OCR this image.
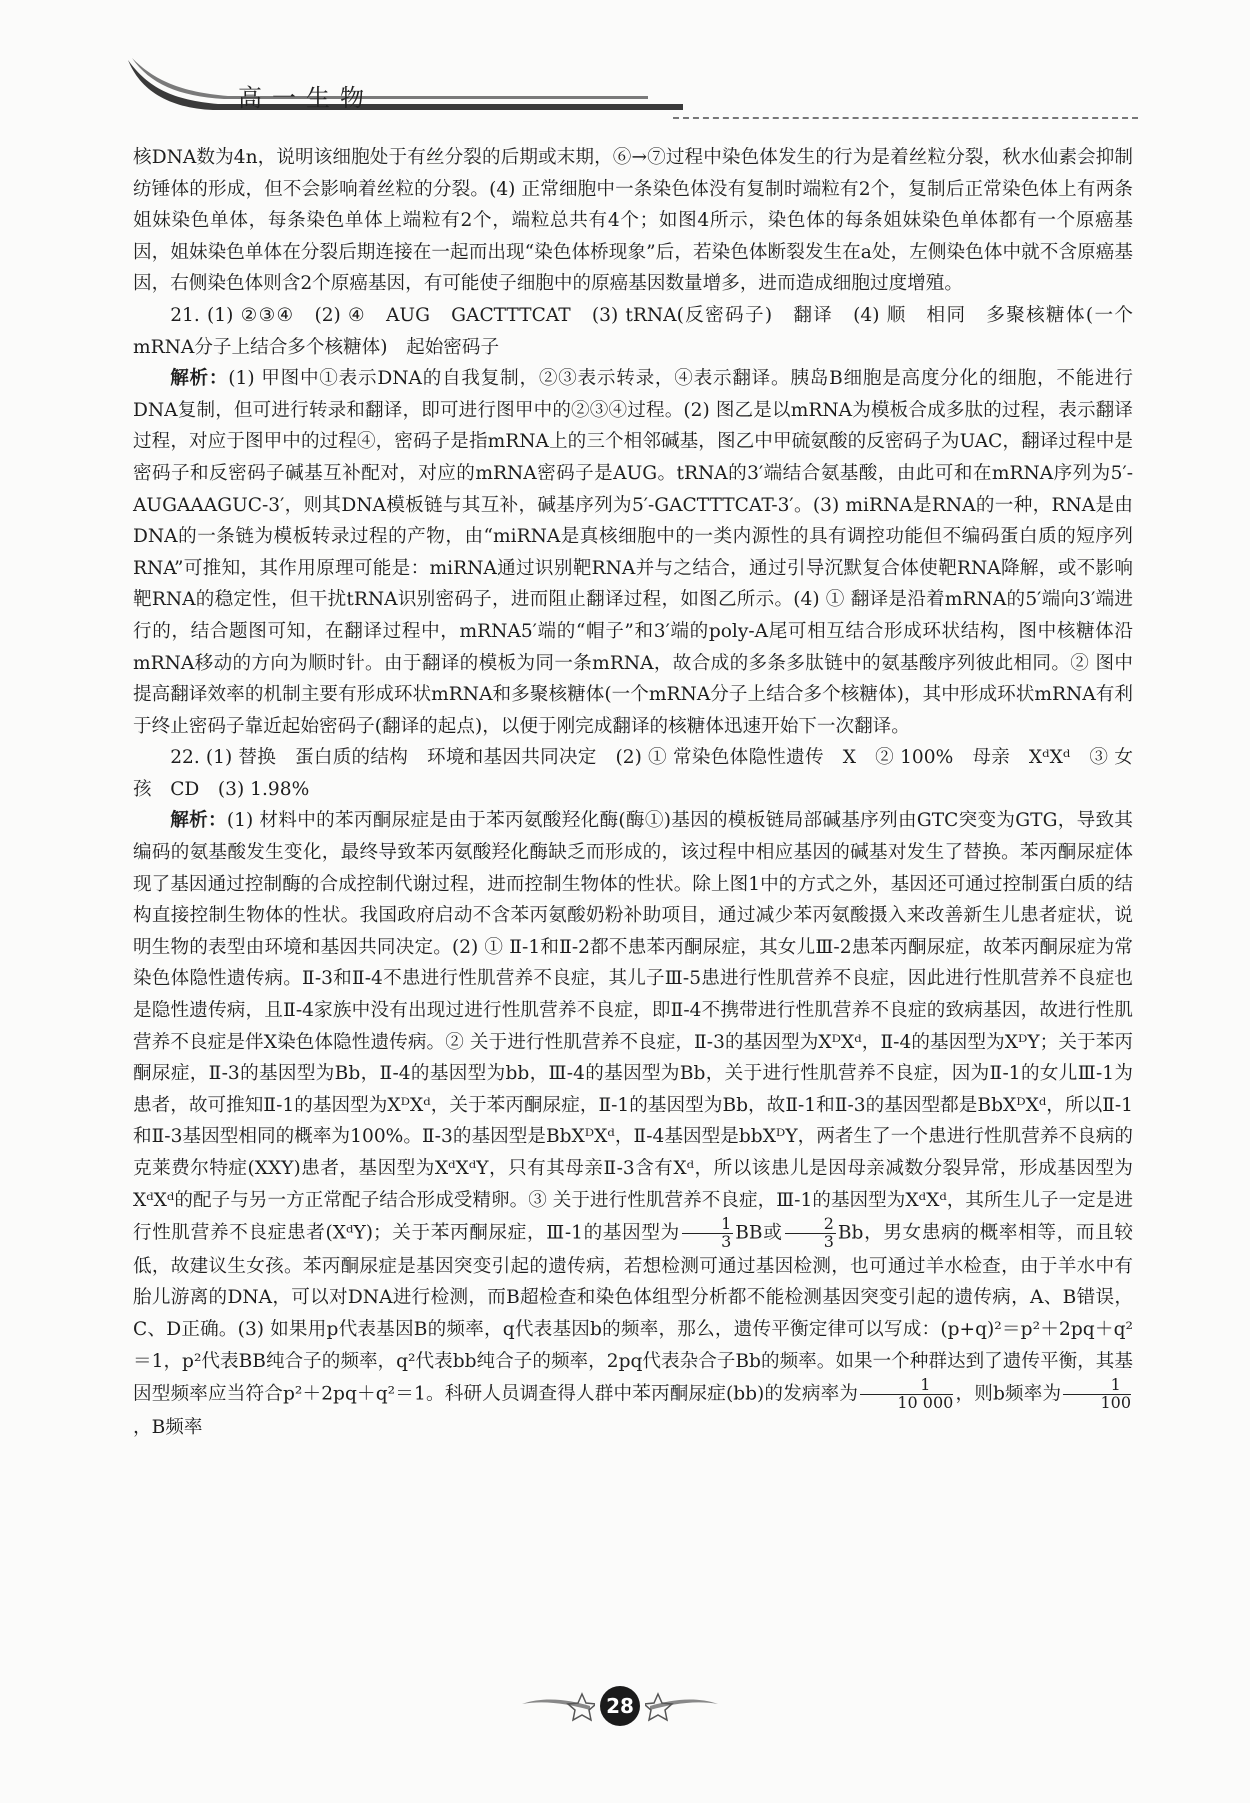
高一生物

核DNA数为4n，说明该细胞处于有丝分裂的后期或末期，⑥→⑦过程中染色体发生的行为是着丝粒分裂，秋水仙素会抑制纺锤体的形成，但不会影响着丝粒的分裂。(4) 正常细胞中一条染色体没有复制时端粒有2个，复制后正常染色体上有两条姐妹染色单体，每条染色单体上端粒有2个，端粒总共有4个；如图4所示，染色体的每条姐妹染色单体都有一个原癌基因，姐妹染色单体在分裂后期连接在一起而出现“染色体桥现象”后，若染色体断裂发生在a处，左侧染色体中就不含原癌基因，右侧染色体则含2个原癌基因，有可能使子细胞中的原癌基因数量增多，进而造成细胞过度增殖。

21. (1) ②③④　(2) ④　AUG　GACTTTCAT　(3) tRNA(反密码子)　翻译　(4) 顺　相同　多聚核糖体(一个mRNA分子上结合多个核糖体)　起始密码子

解析：(1) 甲图中①表示DNA的自我复制，②③表示转录，④表示翻译。胰岛B细胞是高度分化的细胞，不能进行DNA复制，但可进行转录和翻译，即可进行图甲中的②③④过程。(2) 图乙是以mRNA为模板合成多肽的过程，表示翻译过程，对应于图甲中的过程④，密码子是指mRNA上的三个相邻碱基，图乙中甲硫氨酸的反密码子为UAC，翻译过程中是密码子和反密码子碱基互补配对，对应的mRNA密码子是AUG。tRNA的3′端结合氨基酸，由此可和在mRNA序列为5′-AUGAAAGUC-3′，则其DNA模板链与其互补，碱基序列为5′-GACTTTCAT-3′。(3) miRNA是RNA的一种，RNA是由DNA的一条链为模板转录过程的产物，由“miRNA是真核细胞中的一类内源性的具有调控功能但不编码蛋白质的短序列RNA”可推知，其作用原理可能是：miRNA通过识别靶RNA并与之结合，通过引导沉默复合体使靶RNA降解，或不影响靶RNA的稳定性，但干扰tRNA识别密码子，进而阻止翻译过程，如图乙所示。(4) ① 翻译是沿着mRNA的5′端向3′端进行的，结合题图可知，在翻译过程中，mRNA5′端的“帽子”和3′端的poly-A尾可相互结合形成环状结构，图中核糖体沿mRNA移动的方向为顺时针。由于翻译的模板为同一条mRNA，故合成的多条多肽链中的氨基酸序列彼此相同。② 图中提高翻译效率的机制主要有形成环状mRNA和多聚核糖体(一个mRNA分子上结合多个核糖体)，其中形成环状mRNA有利于终止密码子靠近起始密码子(翻译的起点)，以便于刚完成翻译的核糖体迅速开始下一次翻译。

22. (1) 替换　蛋白质的结构　环境和基因共同决定　(2) ① 常染色体隐性遗传　X　② 100%　母亲　XᵈXᵈ　③ 女孩　CD　(3) 1.98%

解析：(1) 材料中的苯丙酮尿症是由于苯丙氨酸羟化酶(酶①)基因的模板链局部碱基序列由GTC突变为GTG，导致其编码的氨基酸发生变化，最终导致苯丙氨酸羟化酶缺乏而形成的，该过程中相应基因的碱基对发生了替换。苯丙酮尿症体现了基因通过控制酶的合成控制代谢过程，进而控制生物体的性状。除上图1中的方式之外，基因还可通过控制蛋白质的结构直接控制生物体的性状。我国政府启动不含苯丙氨酸奶粉补助项目，通过减少苯丙氨酸摄入来改善新生儿患者症状，说明生物的表型由环境和基因共同决定。(2) ① Ⅱ-1和Ⅱ-2都不患苯丙酮尿症，其女儿Ⅲ-2患苯丙酮尿症，故苯丙酮尿症为常染色体隐性遗传病。Ⅱ-3和Ⅱ-4不患进行性肌营养不良症，其儿子Ⅲ-5患进行性肌营养不良症，因此进行性肌营养不良症也是隐性遗传病，且Ⅱ-4家族中没有出现过进行性肌营养不良症，即Ⅱ-4不携带进行性肌营养不良症的致病基因，故进行性肌营养不良症是伴X染色体隐性遗传病。② 关于进行性肌营养不良症，Ⅱ-3的基因型为XᴰXᵈ，Ⅱ-4的基因型为XᴰY；关于苯丙酮尿症，Ⅱ-3的基因型为Bb，Ⅱ-4的基因型为bb，Ⅲ-4的基因型为Bb，关于进行性肌营养不良症，因为Ⅱ-1的女儿Ⅲ-1为患者，故可推知Ⅱ-1的基因型为XᴰXᵈ，关于苯丙酮尿症，Ⅱ-1的基因型为Bb，故Ⅱ-1和Ⅱ-3的基因型都是BbXᴰXᵈ，所以Ⅱ-1和Ⅱ-3基因型相同的概率为100%。Ⅱ-3的基因型是BbXᴰXᵈ，Ⅱ-4基因型是bbXᴰY，两者生了一个患进行性肌营养不良病的克莱费尔特症(XXY)患者，基因型为XᵈXᵈY，只有其母亲Ⅱ-3含有Xᵈ，所以该患儿是因母亲减数分裂异常，形成基因型为XᵈXᵈ的配子与另一方正常配子结合形成受精卵。③ 关于进行性肌营养不良症，Ⅲ-1的基因型为XᵈXᵈ，其所生儿子一定是进行性肌营养不良症患者(XᵈY)；关于苯丙酮尿症，Ⅲ-1的基因型为 $\frac{1}{3}$ BB或 $\frac{2}{3}$ Bb，男女患病的概率相等，而且较低，故建议生女孩。苯丙酮尿症是基因突变引起的遗传病，若想检测可通过基因检测，也可通过羊水检查，由于羊水中有胎儿游离的DNA，可以对DNA进行检测，而B超检查和染色体组型分析都不能检测基因突变引起的遗传病，A、B错误，C、D正确。(3) 如果用p代表基因B的频率，q代表基因b的频率，那么，遗传平衡定律可以写成：(p+q)²＝p²＋2pq＋q²＝1，p²代表BB纯合子的频率，q²代表bb纯合子的频率，2pq代表杂合子Bb的频率。如果一个种群达到了遗传平衡，其基因型频率应当符合p²＋2pq＋q²＝1。科研人员调查得人群中苯丙酮尿症(bb)的发病率为 $\frac{1}{10 000}$ ，则b频率为 $\frac{1}{100}$
，B频率

28
